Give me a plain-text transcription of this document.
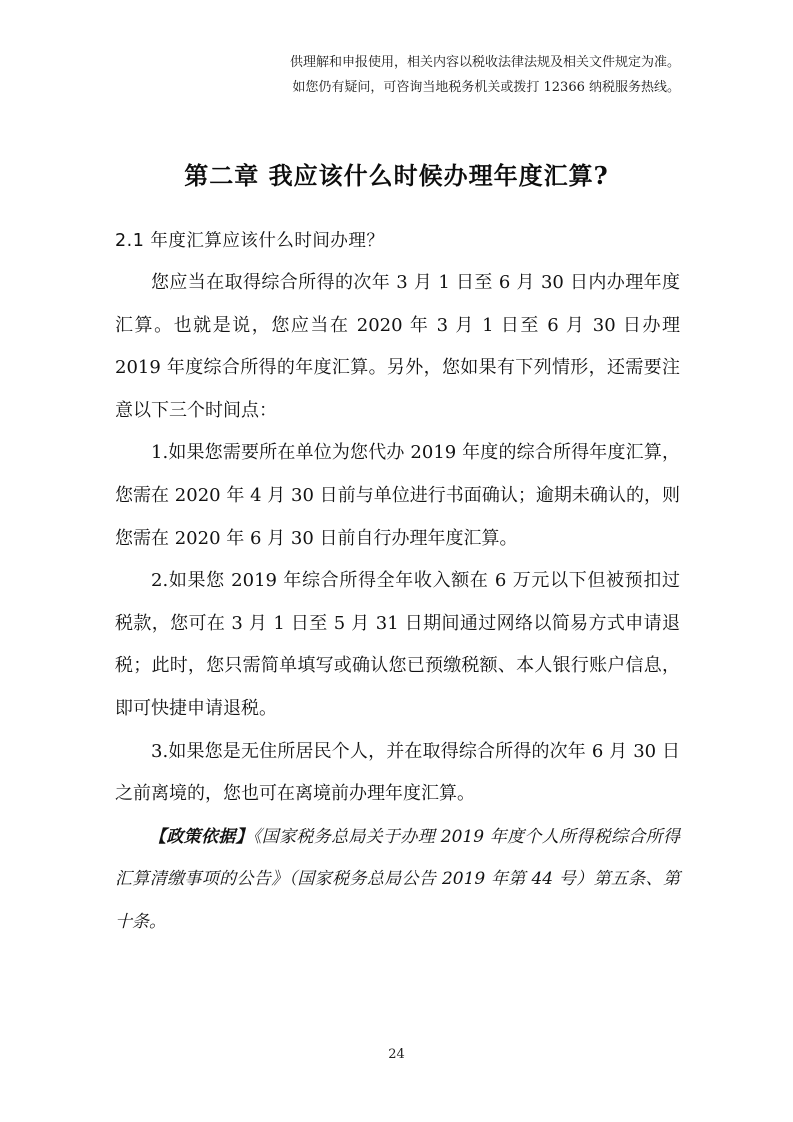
供理解和申报使用，相关内容以税收法律法规及相关文件规定为准。
如您仍有疑问，可咨询当地税务机关或拨打 12366 纳税服务热线。
第二章 我应该什么时候办理年度汇算?
2.1 年度汇算应该什么时间办理？

您应当在取得综合所得的次年 3 月 1 日至 6 月 30 日内办理年度汇算。也就是说，您应当在 2020 年 3 月 1 日至 6 月 30 日办理 2019 年度综合所得的年度汇算。另外，您如果有下列情形，还需要注意以下三个时间点：

1.如果您需要所在单位为您代办 2019 年度的综合所得年度汇算，您需在 2020 年 4 月 30 日前与单位进行书面确认；逾期未确认的，则您需在 2020 年 6 月 30 日前自行办理年度汇算。

2.如果您 2019 年综合所得全年收入额在 6 万元以下但被预扣过税款，您可在 3 月 1 日至 5 月 31 日期间通过网络以简易方式申请退税；此时，您只需简单填写或确认您已预缴税额、本人银行账户信息，即可快捷申请退税。

3.如果您是无住所居民个人，并在取得综合所得的次年 6 月 30 日之前离境的，您也可在离境前办理年度汇算。

【政策依据】《国家税务总局关于办理 2019 年度个人所得税综合所得汇算清缴事项的公告》（国家税务总局公告 2019 年第 44 号）第五条、第十条。

24
